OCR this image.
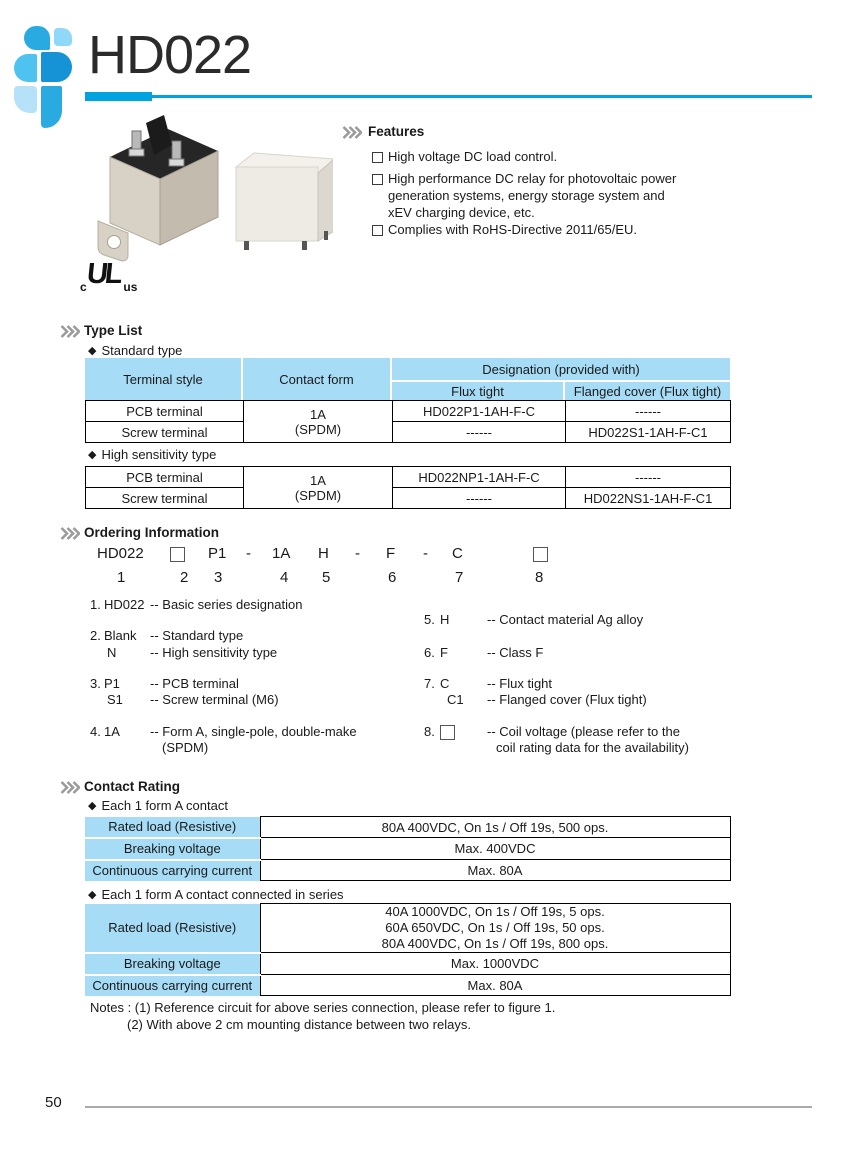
HD022
$_c$UL $_{us}$
Features
High voltage DC load control.
High performance DC relay for photovoltaic power
generation systems, energy storage system and
xEV charging device, etc.
Complies with RoHS-Directive 2011/65/EU.
Type List
◆ Standard type
Terminal style	Contact form
Designation (provided with)
Flux tight	Flanged cover (Flux tight)
PCB terminal	1A
(SPDM)	HD022P1-1AH-F-C	------
Screw terminal		------	HD022S1-1AH-F-C1
◆ High sensitivity type
PCB terminal	1A
(SPDM)	HD022NP1-1AH-F-C	------
Screw terminal		------	HD022NS1-1AH-F-C1
Ordering Information
HD022	P1 - 1A H - F - C
1	2 3	4 5	6	7	8
1. HD022 -- Basic series designation
2. Blank -- Standard type
N	-- High sensitivity type
3. P1 -- PCB terminal
S1 -- Screw terminal (M6)
4. 1A -- Form A, single-pole, double-make
(SPDM)
5. H	-- Contact material Ag alloy
6. F	-- Class F
7. C	-- Flux tight
C1 -- Flanged cover (Flux tight)
8.	-- Coil voltage (please refer to the
coil rating data for the availability)
Contact Rating
◆ Each 1 form A contact
Rated load (Resistive)	80A 400VDC, On 1s / Off 19s, 500 ops.
Breaking voltage	Max. 400VDC
Continuous carrying current	Max. 80A
◆ Each 1 form A contact connected in series
Rated load (Resistive)	40A 1000VDC, On 1s / Off 19s, 5 ops.
60A 650VDC, On 1s / Off 19s, 50 ops.
80A 400VDC, On 1s / Off 19s, 800 ops.

Breaking voltage	Max. 1000VDC
Continuous carrying current	Max. 80A
Notes : (1) Reference circuit for above series connection, please refer to figure 1.
(2) With above 2 cm mounting distance between two relays.
50
